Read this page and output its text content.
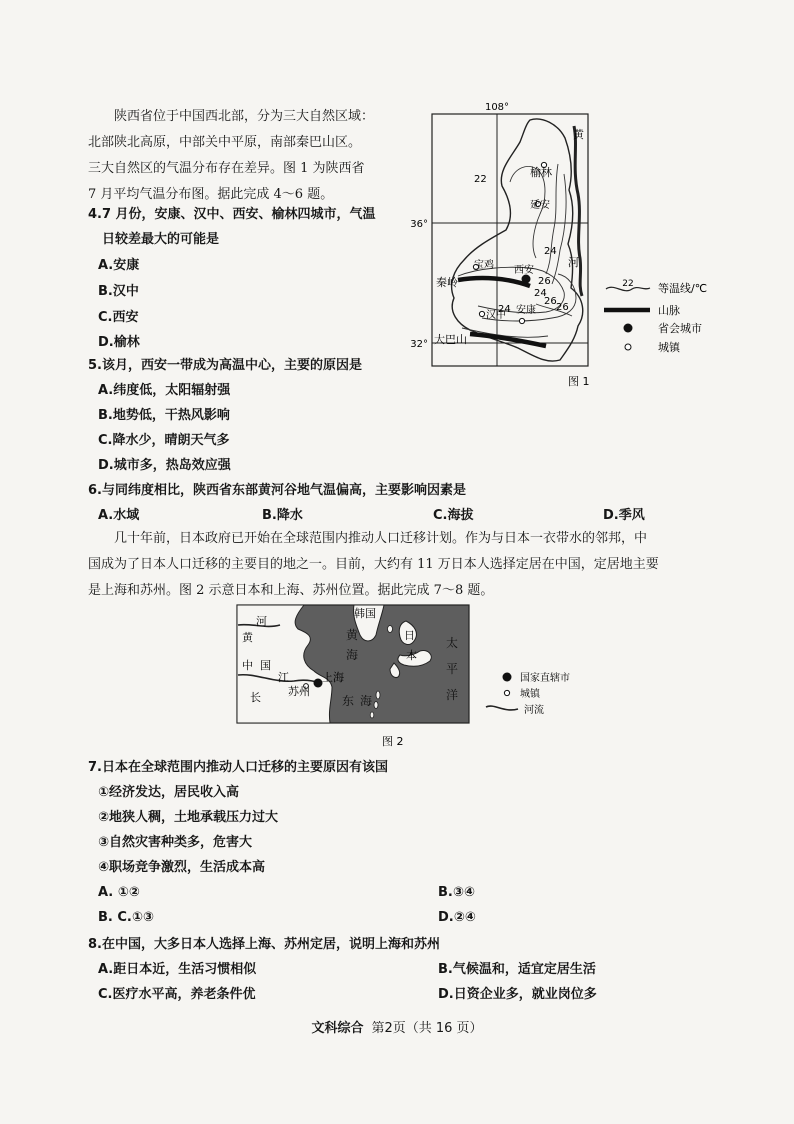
陕西省位于中国西北部，分为三大自然区域：

北部陕北高原，中部关中平原，南部秦巴山区。

三大自然区的气温分布存在差异。图 1 为陕西省

7 月平均气温分布图。据此完成 4～6 题。

4.7 月份，安康、汉中、西安、榆林四城市，气温
日较差最大的可能是
A.安康
B.汉中
C.西安
D.榆林
5.该月，西安一带成为高温中心，主要的原因是
A.纬度低，太阳辐射强
B.地势低，干热风影响
C.降水少，晴朗天气多
D.城市多，热岛效应强
6.与同纬度相比，陕西省东部黄河谷地气温偏高，主要影响因素是
A.水域	B.降水	C.海拔	D.季风

几十年前，日本政府已开始在全球范围内推动人口迁移计划。作为与日本一衣带水的邻邦，中

国成为了日本人口迁移的主要目的地之一。目前，大约有 11 万日本人选择定居在中国，定居地主要

是上海和苏州。图 2 示意日本和上海、苏州位置。据此完成 7～8 题。

108°
36°
32°
榆林
延安
宝鸡 西安
汉中 安康
秦岭
大巴山
黄
河
22
24
26
24
26
24	26
22 等温线/℃
山脉
省会城市
城镇
图 1
黄
河
中 国
江
长
韩国
黄
海
上海
苏州
东 海
日
本
太
平
洋
国家直辖市
城镇
河流
图 2
7.日本在全球范围内推动人口迁移的主要原因有该国
①经济发达，居民收入高
②地狭人稠，土地承载压力过大
③自然灾害种类多，危害大
④职场竞争激烈，生活成本高
A. ①②	B.③④
B. C.①③	D.②④
8.在中国，大多日本人选择上海、苏州定居，说明上海和苏州
A.距日本近，生活习惯相似	B.气候温和，适宜定居生活
C.医疗水平高，养老条件优	D.日资企业多，就业岗位多
文科综合 第2页（共 16 页）
